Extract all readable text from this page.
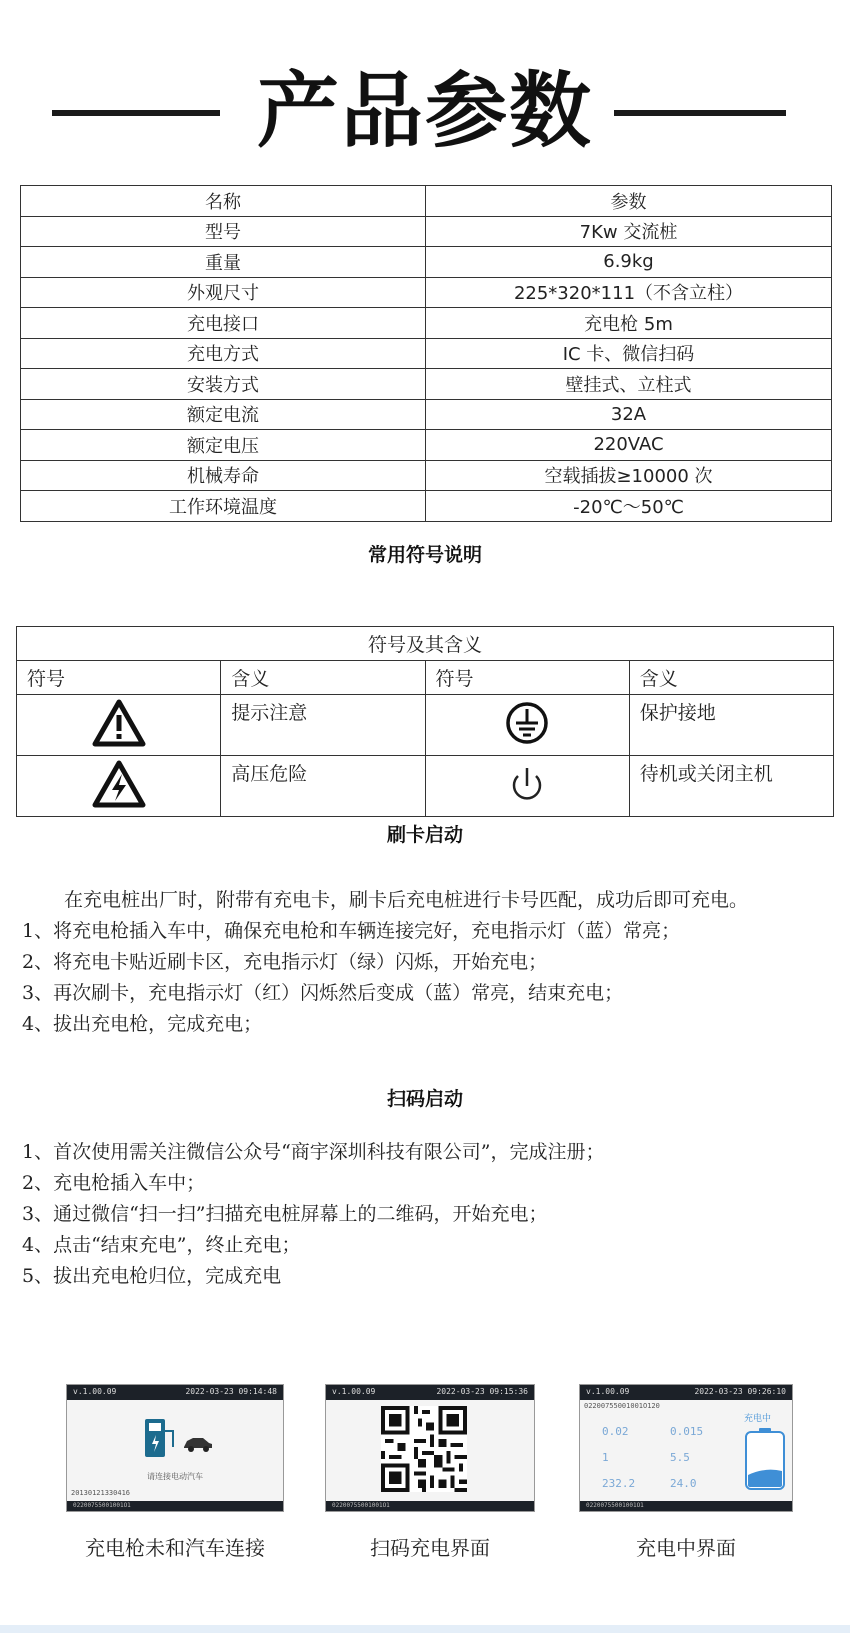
产品参数
名称	参数
型号	7Kw 交流桩
重量	6.9kg
外观尺寸	225*320*111（不含立柱）
充电接口	充电枪 5m
充电方式	IC 卡、微信扫码
安装方式	壁挂式、立柱式
额定电流	32A
额定电压	220VAC
机械寿命	空载插拔≥10000 次
工作环境温度	-20℃～50℃
常用符号说明
符号及其含义			
符号	含义	符号	含义
	提示注意		保护接地
	高压危险		待机或关闭主机
刷卡启动
在充电桩出厂时，附带有充电卡，刷卡后充电桩进行卡号匹配，成功后即可充电。
1、将充电枪插入车中，确保充电枪和车辆连接完好，充电指示灯（蓝）常亮；
2、将充电卡贴近刷卡区，充电指示灯（绿）闪烁，开始充电；
3、再次刷卡，充电指示灯（红）闪烁然后变成（蓝）常亮，结束充电；
4、拔出充电枪，完成充电；
扫码启动
1、首次使用需关注微信公众号“商宇深圳科技有限公司”，完成注册；
2、充电枪插入车中；
3、通过微信“扫一扫”扫描充电桩屏幕上的二维码，开始充电；
4、点击“结束充电”，终止充电；
5、拔出充电枪归位，完成充电
v.1.00.09	2022-03-23 09:14:48
请连接电动汽车
20130121330416
02200755001001O1
v.1.00.09	2022-03-23 09:15:36
02200755001001O1
v.1.00.09	2022-03-23 09:26:10
02200755001001O120
0.02	0.015
1	5.5
232.2	24.0
充电中
02200755001001O1
充电枪未和汽车连接	扫码充电界面	充电中界面
